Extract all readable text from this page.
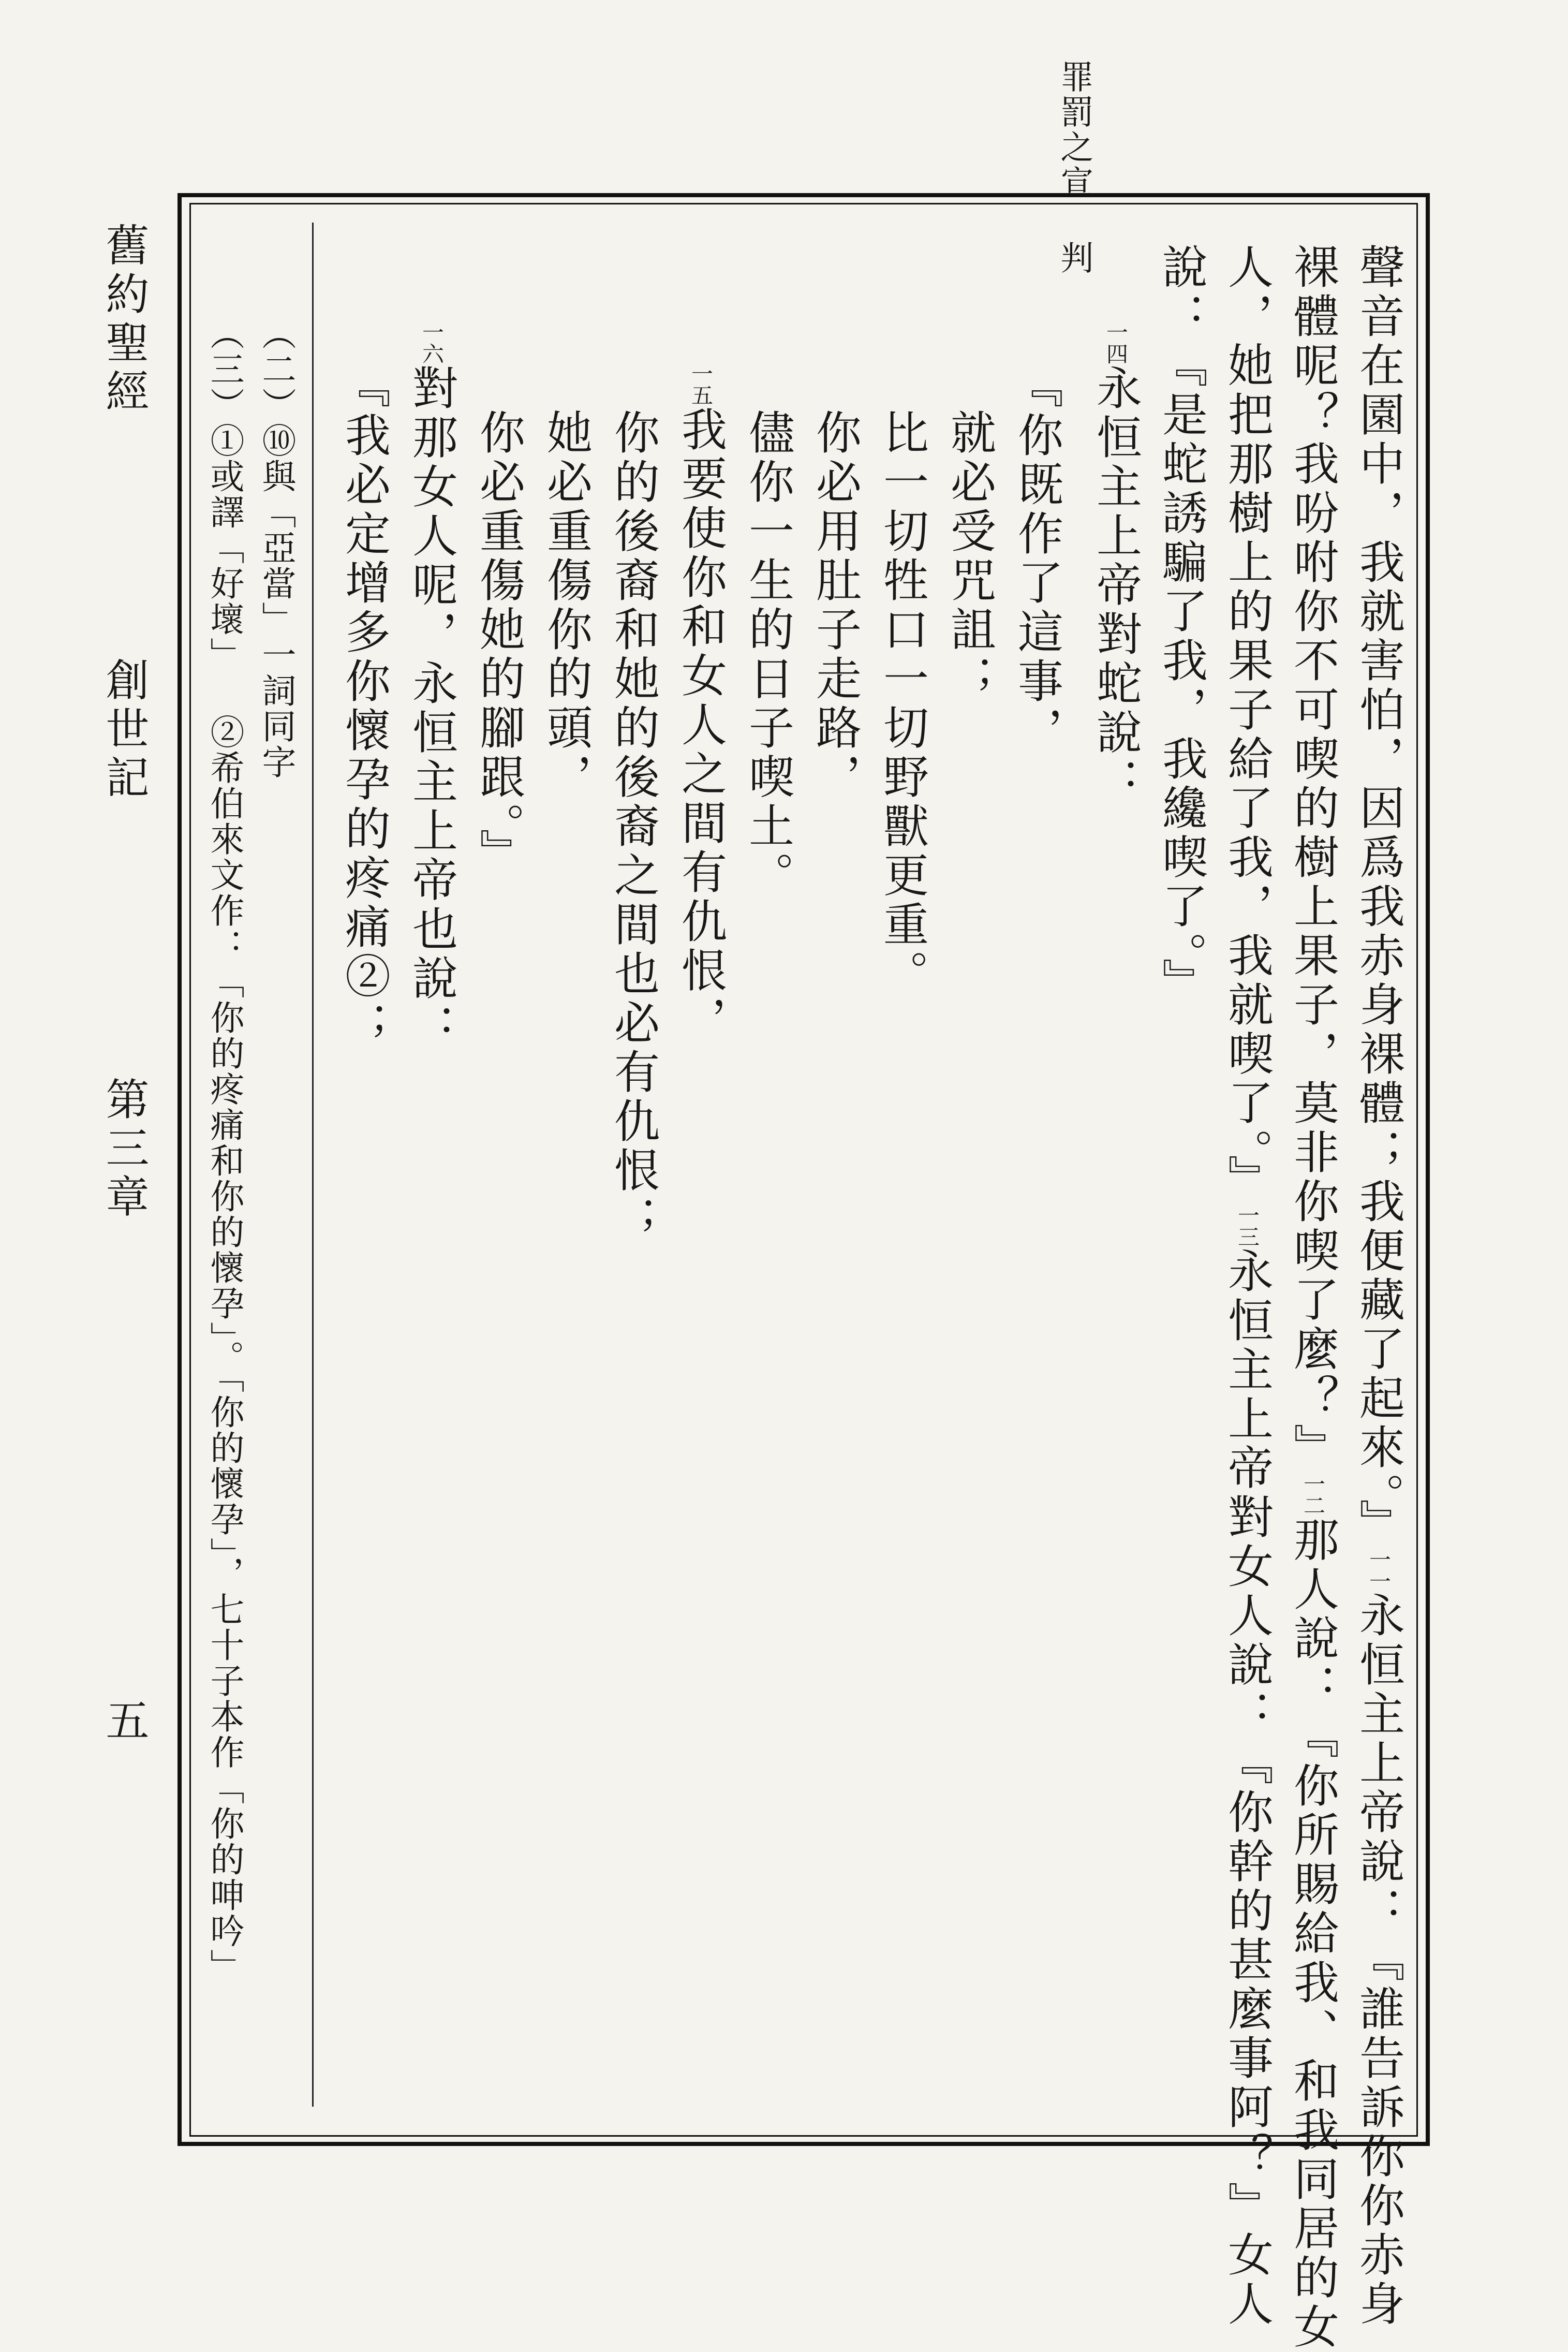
罪罰之宣 判
舊約聖經
創世記
第三章
五
聲音在園中，我就害怕，因爲我赤身裸體；我便藏了起來。』一一永恒主上帝說：『誰告訴你你赤身
裸體呢？我吩咐你不可喫的樹上果子，莫非你喫了麼？』一二那人說：『你所賜給我、和我同居的女
人，她把那樹上的果子給了我，我就喫了。』一三永恒主上帝對女人說：『你幹的甚麼事阿？』女人
說：『是蛇誘騙了我，我纔喫了。』
一四永恒主上帝對蛇說：
『你既作了這事，
就必受咒詛；
比一切牲口一切野獸更重。
你必用肚子走路，
儘你一生的日子喫土。
一五我要使你和女人之間有仇恨，
你的後裔和她的後裔之間也必有仇恨；
她必重傷你的頭，
你必重傷她的腳跟。』
一六對那女人呢，永恒主上帝也說：
『我必定增多你懷孕的疼痛②；
（二）⑩與「亞當」一詞同字
（三）①或譯「好壞」 ②希伯來文作：「你的疼痛和你的懷孕」。「你的懷孕」，七十子本作「你的呻吟」
